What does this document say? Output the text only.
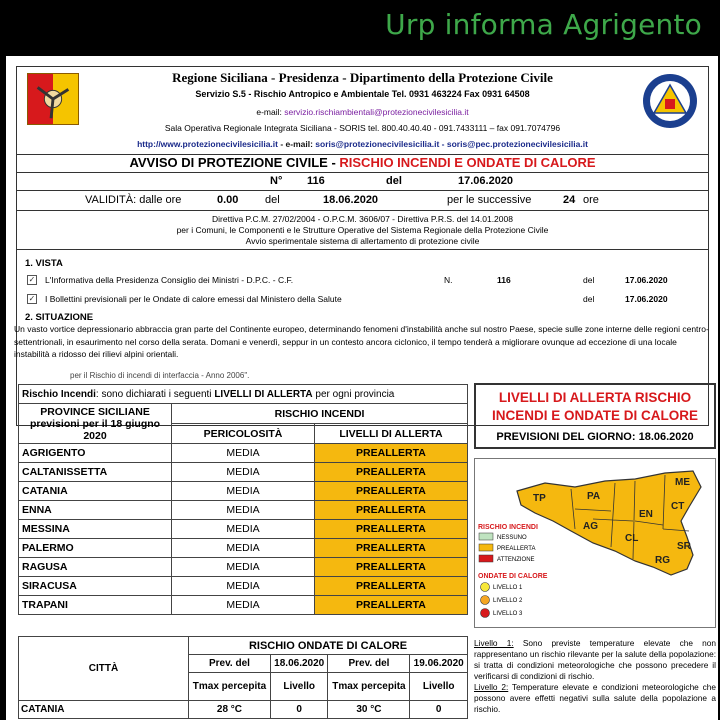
Urp informa Agrigento
Regione Siciliana - Presidenza - Dipartimento della Protezione Civile
Servizio S.5 - Rischio Antropico e Ambientale Tel. 0931 463224 Fax 0931 64508
e-mail: servizio.rischiambientali@protezionecivilesicilia.it
Sala Operativa Regionale Integrata Siciliana - SORIS tel. 800.40.40.40 - 091.7433111 – fax 091.7074796
http://www.protezionecivilesicilia.it - e-mail: soris@protezionecivilesicilia.it - soris@pec.protezionecivilesicilia.it
AVVISO DI PROTEZIONE CIVILE - RISCHIO INCENDI E ONDATE DI CALORE
N° 116	del	17.06.2020
VALIDITÀ: dalle ore	0.00 del	18.06.2020	per le successive	24 ore
Direttiva P.C.M. 27/02/2004 - O.P.C.M. 3606/07 - Direttiva P.R.S. del 14.01.2008
per i Comuni, le Componenti e le Strutture Operative del Sistema Regionale della Protezione Civile
Avvio sperimentale sistema di allertamento di protezione civile
1. VISTA
✓ L'Informativa della Presidenza Consiglio dei Ministri - D.P.C. - C.F.	N.	116	del	17.06.2020
✓ I Bollettini previsionali per le Ondate di calore emessi dal Ministero della Salute	del	17.06.2020
2. SITUAZIONE
Un vasto vortice depressionario abbraccia gran parte del Continente europeo, determinando fenomeni d'instabilità anche sul nostro Paese, specie sulle zone interne delle regioni centro-settentrionali, in esaurimento nel corso della serata. Domani e venerdì, seppur in un contesto ancora ciclonico, il tempo tenderà a migliorare ovunque ad eccezione di una locale instabilità a ridosso dei rilievi alpini orientali.
per il Rischio di incendi di interfaccia - Anno 2006".
Rischio Incendi: sono dichiarati i seguenti LIVELLI DI ALLERTA per ogni provincia		
PROVINCE SICILIANE previsioni per il 18 giugno 2020	RISCHIO INCENDI	
	PERICOLOSITÀ	LIVELLI DI ALLERTA
AGRIGENTO	MEDIA	PREALLERTA
CALTANISSETTA	MEDIA	PREALLERTA
CATANIA	MEDIA	PREALLERTA
ENNA	MEDIA	PREALLERTA
MESSINA	MEDIA	PREALLERTA
PALERMO	MEDIA	PREALLERTA
RAGUSA	MEDIA	PREALLERTA
SIRACUSA	MEDIA	PREALLERTA
TRAPANI	MEDIA	PREALLERTA
LIVELLI DI ALLERTA RISCHIO INCENDI E ONDATE DI CALORE
PREVISIONI DEL GIORNO: 18.06.2020
TP	PA
ME
AG
EN
CT
CL
SR
RG
RISCHIO INCENDI
ONDATE DI CALORE
NESSUNO
PREALLERTA
ATTENZIONE
LIVELLO 1
LIVELLO 2
LIVELLO 3
CITTÀ	RISCHIO ONDATE DI CALORE			
	Prev. del	18.06.2020	Prev. del	19.06.2020
	Tmax percepita	Livello	Tmax percepita	Livello
CATANIA	28 °C	0	30 °C	0
Livello 1: Sono previste temperature elevate che non rappresentano un rischio rilevante per la salute della popolazione: si tratta di condizioni meteorologiche che possono precedere il verificarsi di condizioni di rischio.
Livello 2: Temperature elevate e condizioni meteorologiche che possono avere effetti negativi sulla salute della popolazione a rischio.
